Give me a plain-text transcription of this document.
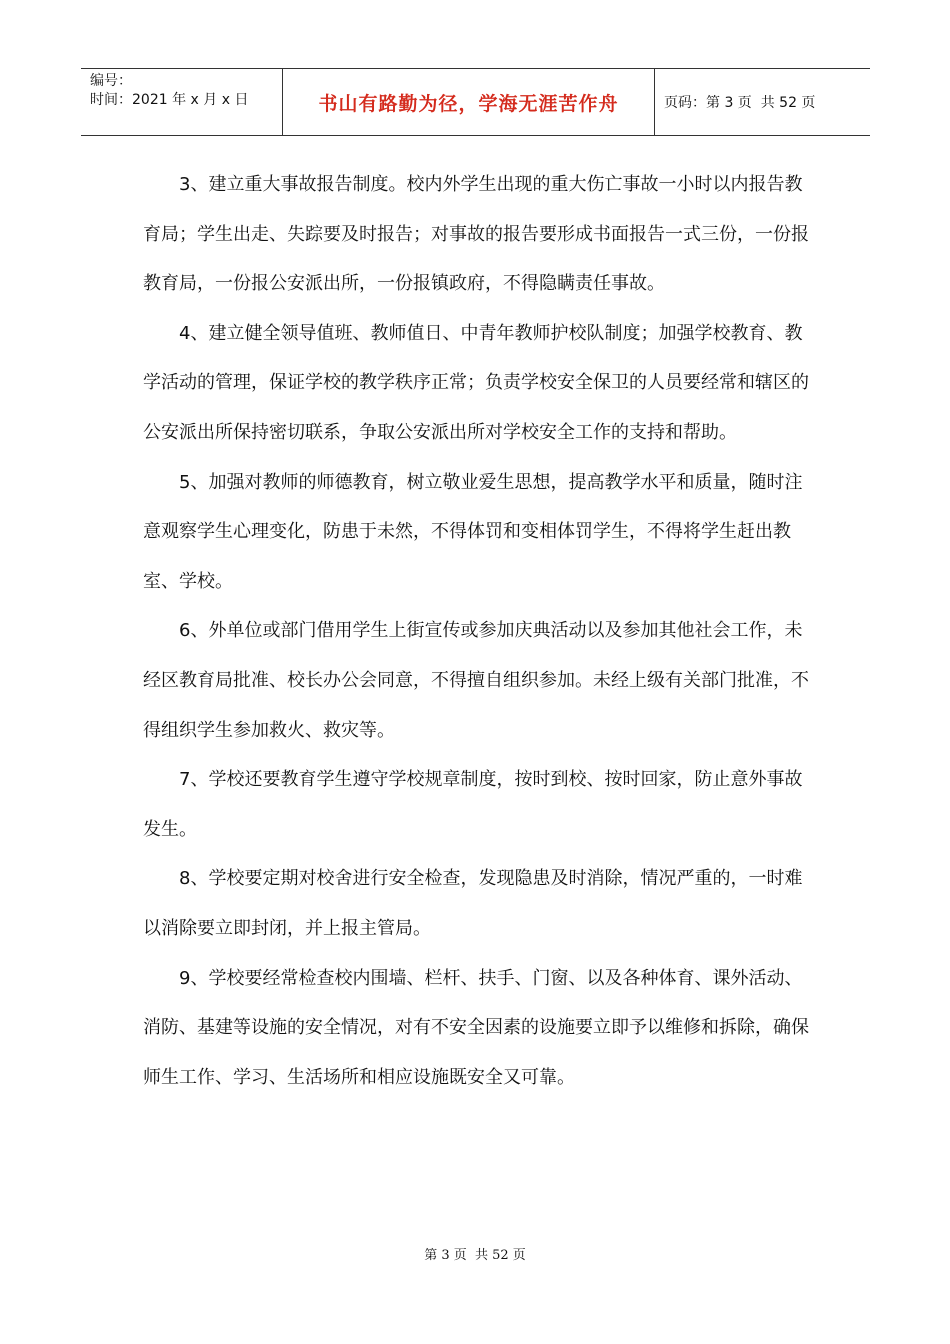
编号：
时间：2021 年 x 月 x 日	书山有路勤为径，学海无涯苦作舟	页码：第 3 页  共 52 页

3、建立重大事故报告制度。校内外学生出现的重大伤亡事故一小时以内报告教育局；学生出走、失踪要及时报告；对事故的报告要形成书面报告一式三份，一份报教育局，一份报公安派出所，一份报镇政府，不得隐瞒责任事故。

4、建立健全领导值班、教师值日、中青年教师护校队制度；加强学校教育、教学活动的管理，保证学校的教学秩序正常；负责学校安全保卫的人员要经常和辖区的公安派出所保持密切联系，争取公安派出所对学校安全工作的支持和帮助。

5、加强对教师的师德教育，树立敬业爱生思想，提高教学水平和质量，随时注意观察学生心理变化，防患于未然，不得体罚和变相体罚学生，不得将学生赶出教室、学校。

6、外单位或部门借用学生上街宣传或参加庆典活动以及参加其他社会工作，未经区教育局批准、校长办公会同意，不得擅自组织参加。未经上级有关部门批准，不得组织学生参加救火、救灾等。

7、学校还要教育学生遵守学校规章制度，按时到校、按时回家，防止意外事故发生。

8、学校要定期对校舍进行安全检查，发现隐患及时消除，情况严重的，一时难以消除要立即封闭，并上报主管局。

9、学校要经常检查校内围墙、栏杆、扶手、门窗、以及各种体育、课外活动、消防、基建等设施的安全情况，对有不安全因素的设施要立即予以维修和拆除，确保师生工作、学习、生活场所和相应设施既安全又可靠。

第 3 页  共 52 页
